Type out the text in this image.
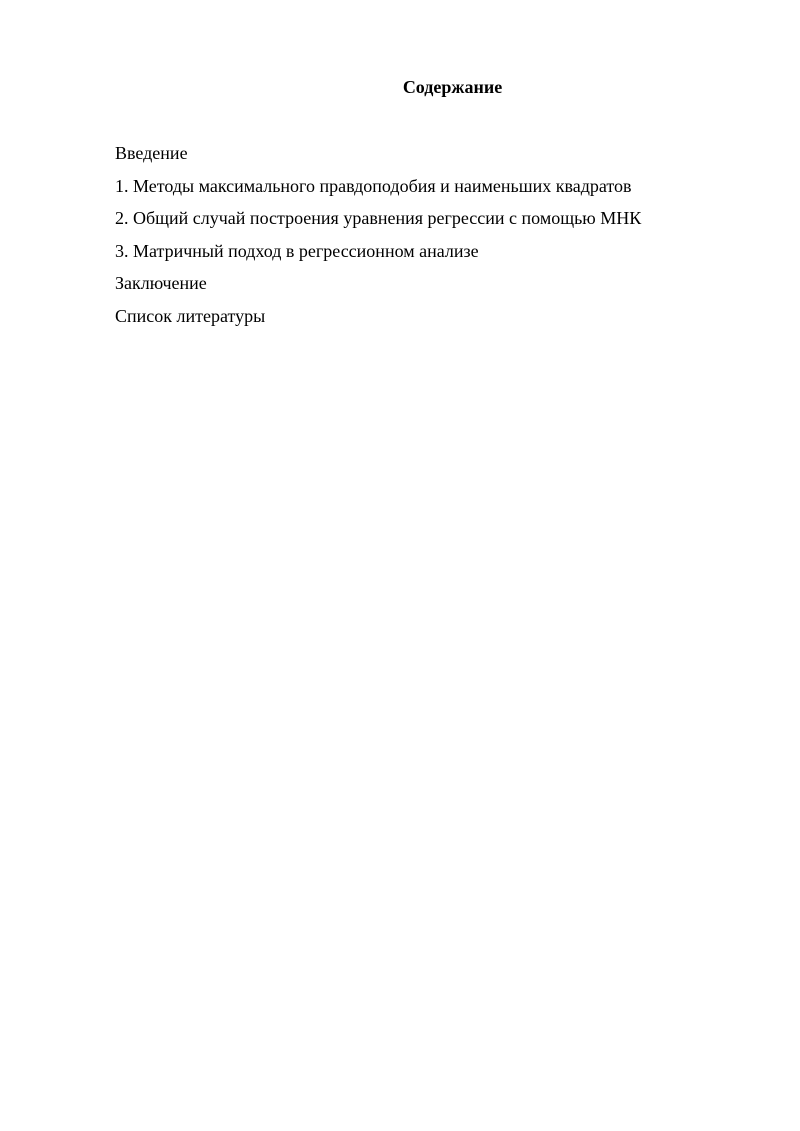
Содержание
Введение
1. Методы максимального правдоподобия и наименьших квадратов
2. Общий случай построения уравнения регрессии с помощью МНК
3. Матричный подход в регрессионном анализе
Заключение
Список литературы
